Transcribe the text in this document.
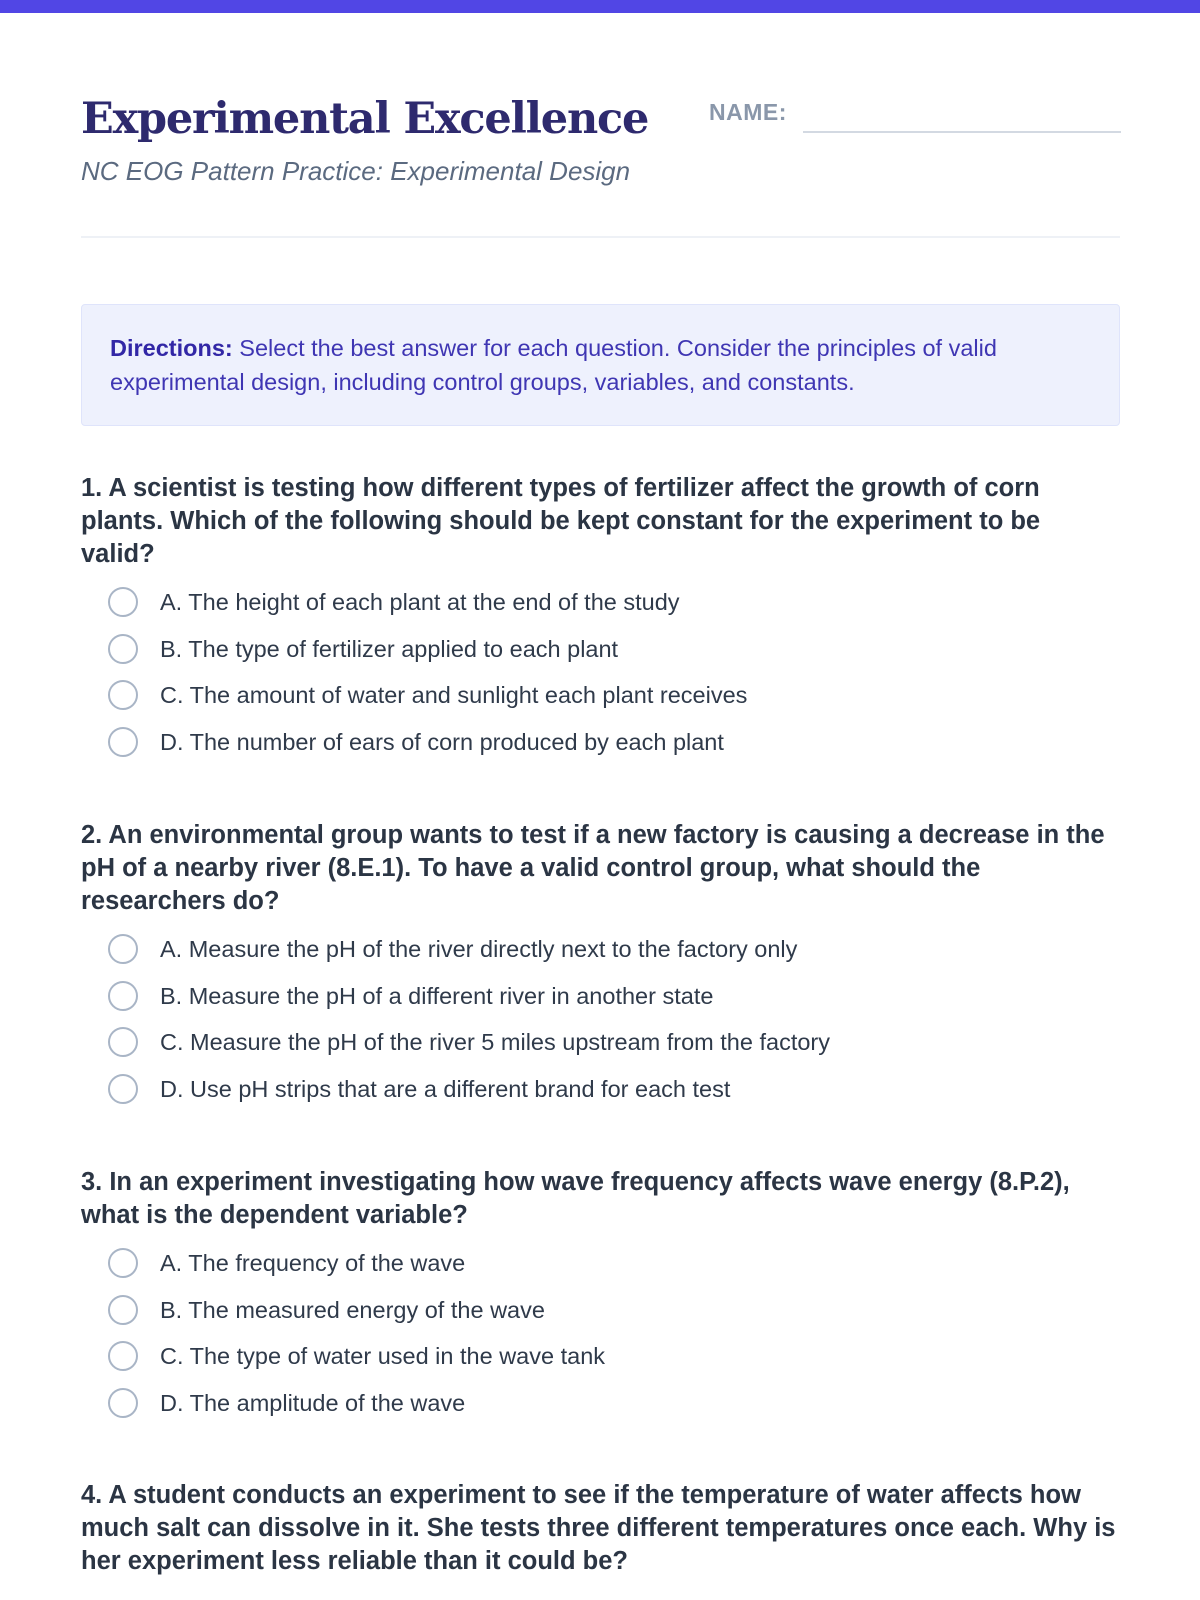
Experimental Excellence
NC EOG Pattern Practice: Experimental Design
NAME:
Directions: Select the best answer for each question. Consider the principles of valid experimental design, including control groups, variables, and constants.

1. A scientist is testing how different types of fertilizer affect the growth of corn plants. Which of the following should be kept constant for the experiment to be valid?

A. The height of each plant at the end of the study
B. The type of fertilizer applied to each plant
C. The amount of water and sunlight each plant receives
D. The number of ears of corn produced by each plant

2. An environmental group wants to test if a new factory is causing a decrease in the pH of a nearby river (8.E.1). To have a valid control group, what should the researchers do?

A. Measure the pH of the river directly next to the factory only
B. Measure the pH of a different river in another state
C. Measure the pH of the river 5 miles upstream from the factory
D. Use pH strips that are a different brand for each test

3. In an experiment investigating how wave frequency affects wave energy (8.P.2), what is the dependent variable?

A. The frequency of the wave
B. The measured energy of the wave
C. The type of water used in the wave tank
D. The amplitude of the wave

4. A student conducts an experiment to see if the temperature of water affects how much salt can dissolve in it. She tests three different temperatures once each. Why is her experiment less reliable than it could be?
